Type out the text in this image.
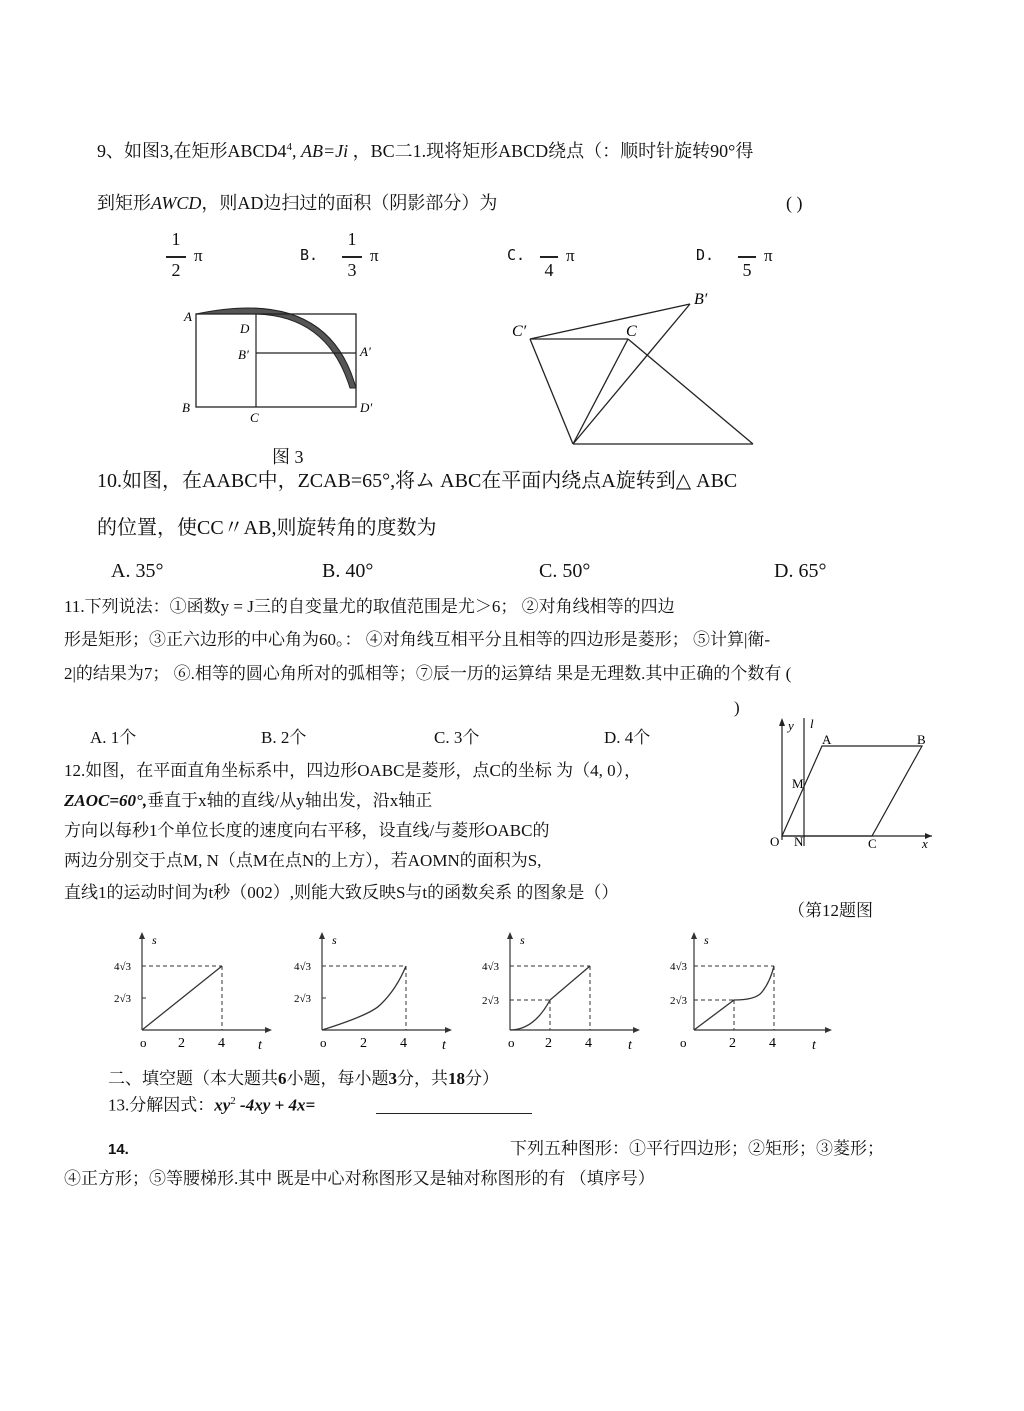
9、如图3,在矩形$ABCD4^4$, AB=Ji ，BC二1.现将矩形ABCD绕点（：顺时针旋转90°得
到矩形AWCD，则AD边扫过的面积（阴影部分）为	( )
1
2
π	B.
1
3
π	C.
4
π	D.
5
π
A
D
B′	A′
B
C
D′
图 3
C′	C
B′
10.如图，在AABC中，ZCAB=65°,将ム ABC在平面内绕点A旋转到△ ABC
的位置，使CC〃AB,则旋转角的度数为
A. 35°	B. 40°	C. 50°	D. 65°
11.下列说法：①函数y = J三的自变量尤的取值范围是尤＞6； ②对角线相等的四边
形是矩形；③正六边形的中心角为60。： ④对角线互相平分且相等的四边形是菱形； ⑤计算|衛-
2|的结果为7； ⑥.相等的圆心角所对的弧相等；⑦辰一历的运算结 果是无理数.其中正确的个数有 (
)
A. 1个	B. 2个	C. 3个	D. 4个
12.如图，在平面直角坐标系中，四边形OABC是菱形，点C的坐标 为（4, 0），
ZAOC=60°,垂直于x轴的直线/从y轴出发，沿x轴正
方向以每秒1个单位长度的速度向右平移，设直线/与菱形OABC的
两边分别交于点M, N（点M在点N的上方），若AOMN的面积为S,
直线1的运动时间为t秒（002）,则能大致反映S与t的函数矣系 的图象是（）
（第12题图
y l
A	B
M
O N	C	x
s
4√3
2√3
o 2 4 t
s
4√3
2√3
o 2 4	t
s
4√3
2√3
o 2 4	t
s
4√3
2√3
o	2 4	t
二、填空题（本大题共6小题，每小题3分，共18分）
13.分解因式：$xy^2$ -4xy + 4x=
14.	下列五种图形：①平行四边形；②矩形；③菱形；
④正方形；⑤等腰梯形.其中 既是中心对称图形又是轴对称图形的有 （填序号）
